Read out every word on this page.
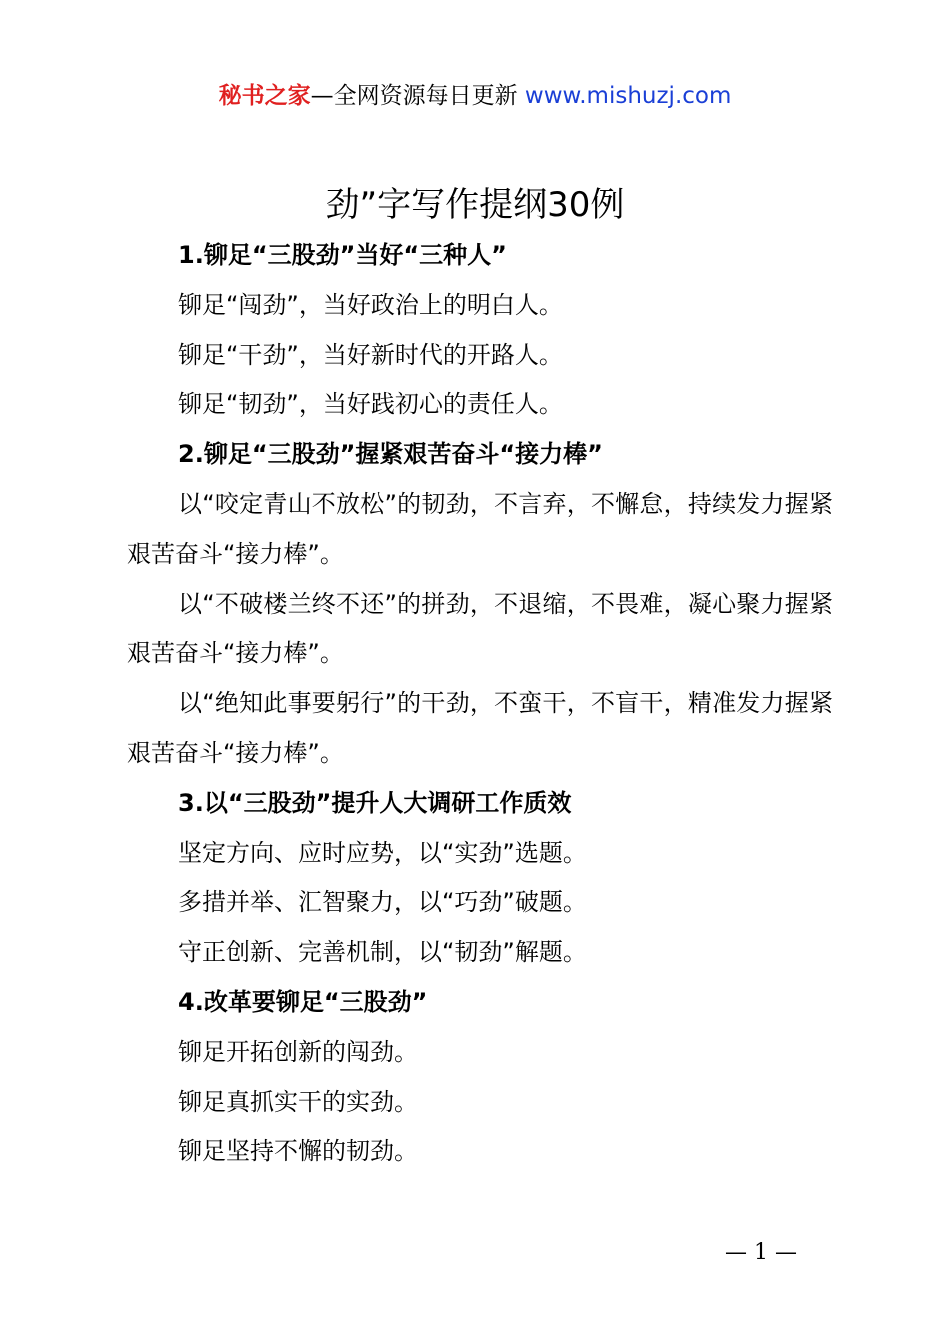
秘书之家—全网资源每日更新 www.mishuzj.com
劲”字写作提纲30例

1.铆足“三股劲”当好“三种人”

铆足“闯劲”，当好政治上的明白人。

铆足“干劲”，当好新时代的开路人。

铆足“韧劲”，当好践初心的责任人。

2.铆足“三股劲”握紧艰苦奋斗“接力棒”

以“咬定青山不放松”的韧劲，不言弃，不懈怠，持续发力握紧艰苦奋斗“接力棒”。

以“不破楼兰终不还”的拼劲，不退缩，不畏难，凝心聚力握紧艰苦奋斗“接力棒”。

以“绝知此事要躬行”的干劲，不蛮干，不盲干，精准发力握紧艰苦奋斗“接力棒”。

3.以“三股劲”提升人大调研工作质效

坚定方向、应时应势，以“实劲”选题。

多措并举、汇智聚力，以“巧劲”破题。

守正创新、完善机制，以“韧劲”解题。

4.改革要铆足“三股劲”

铆足开拓创新的闯劲。

铆足真抓实干的实劲。

铆足坚持不懈的韧劲。

— 1 —
